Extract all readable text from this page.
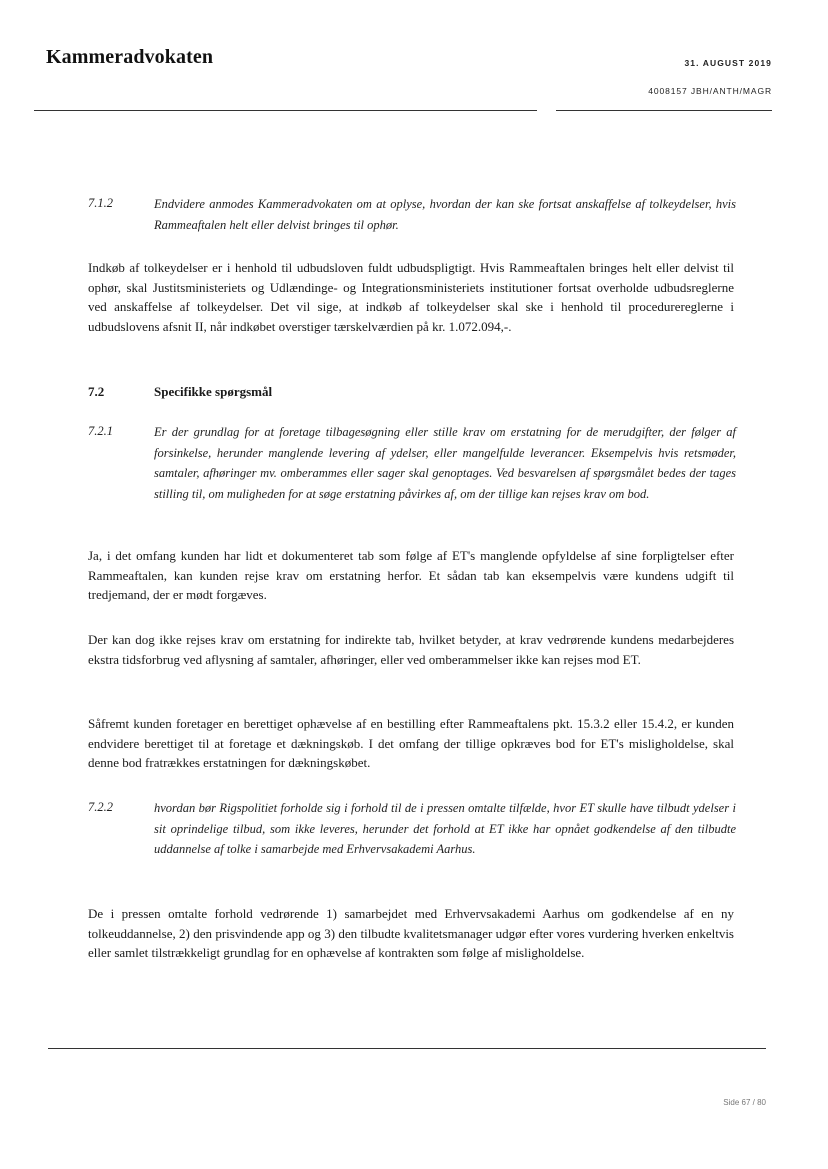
Kammeradvokaten	31. AUGUST 2019
4008157 JBH/ANTH/MAGR
7.1.2	Endvidere anmodes Kammeradvokaten om at oplyse, hvordan der kan ske fortsat anskaffelse af tolkeydelser, hvis Rammeaftalen helt eller delvist bringes til ophør.
Indkøb af tolkeydelser er i henhold til udbudsloven fuldt udbudspligtigt. Hvis Rammeaftalen bringes helt eller delvist til ophør, skal Justitsministeriets og Udlændinge- og Integrationsministeriets institutioner fortsat overholde udbudsreglerne ved anskaffelse af tolkeydelser. Det vil sige, at indkøb af tolkeydelser skal ske i henhold til procedurereglerne i udbudslovens afsnit II, når indkøbet overstiger tærskelværdien på kr. 1.072.094,-.
7.2	Specifikke spørgsmål
7.2.1	Er der grundlag for at foretage tilbagesøgning eller stille krav om erstatning for de merudgifter, der følger af forsinkelse, herunder manglende levering af ydelser, eller mangelfulde leverancer. Eksempelvis hvis retsmøder, samtaler, afhøringer mv. omberammes eller sager skal genoptages. Ved besvarelsen af spørgsmålet bedes der tages stilling til, om muligheden for at søge erstatning påvirkes af, om der tillige kan rejses krav om bod.
Ja, i det omfang kunden har lidt et dokumenteret tab som følge af ET's manglende opfyldelse af sine forpligtelser efter Rammeaftalen, kan kunden rejse krav om erstatning herfor. Et sådan tab kan eksempelvis være kundens udgift til tredjemand, der er mødt forgæves.
Der kan dog ikke rejses krav om erstatning for indirekte tab, hvilket betyder, at krav vedrørende kundens medarbejderes ekstra tidsforbrug ved aflysning af samtaler, afhøringer, eller ved omberammelser ikke kan rejses mod ET.
Såfremt kunden foretager en berettiget ophævelse af en bestilling efter Rammeaftalens pkt. 15.3.2 eller 15.4.2, er kunden endvidere berettiget til at foretage et dækningskøb. I det omfang der tillige opkræves bod for ET's misligholdelse, skal denne bod fratrækkes erstatningen for dækningskøbet.
7.2.2	hvordan bør Rigspolitiet forholde sig i forhold til de i pressen omtalte tilfælde, hvor ET skulle have tilbudt ydelser i sit oprindelige tilbud, som ikke leveres, herunder det forhold at ET ikke har opnået godkendelse af den tilbudte uddannelse af tolke i samarbejde med Erhvervsakademi Aarhus.
De i pressen omtalte forhold vedrørende 1) samarbejdet med Erhvervsakademi Aarhus om godkendelse af en ny tolkeuddannelse, 2) den prisvindende app og 3) den tilbudte kvalitetsmanager udgør efter vores vurdering hverken enkeltvis eller samlet tilstrækkeligt grundlag for en ophævelse af kontrakten som følge af misligholdelse.
Side 67 / 80
